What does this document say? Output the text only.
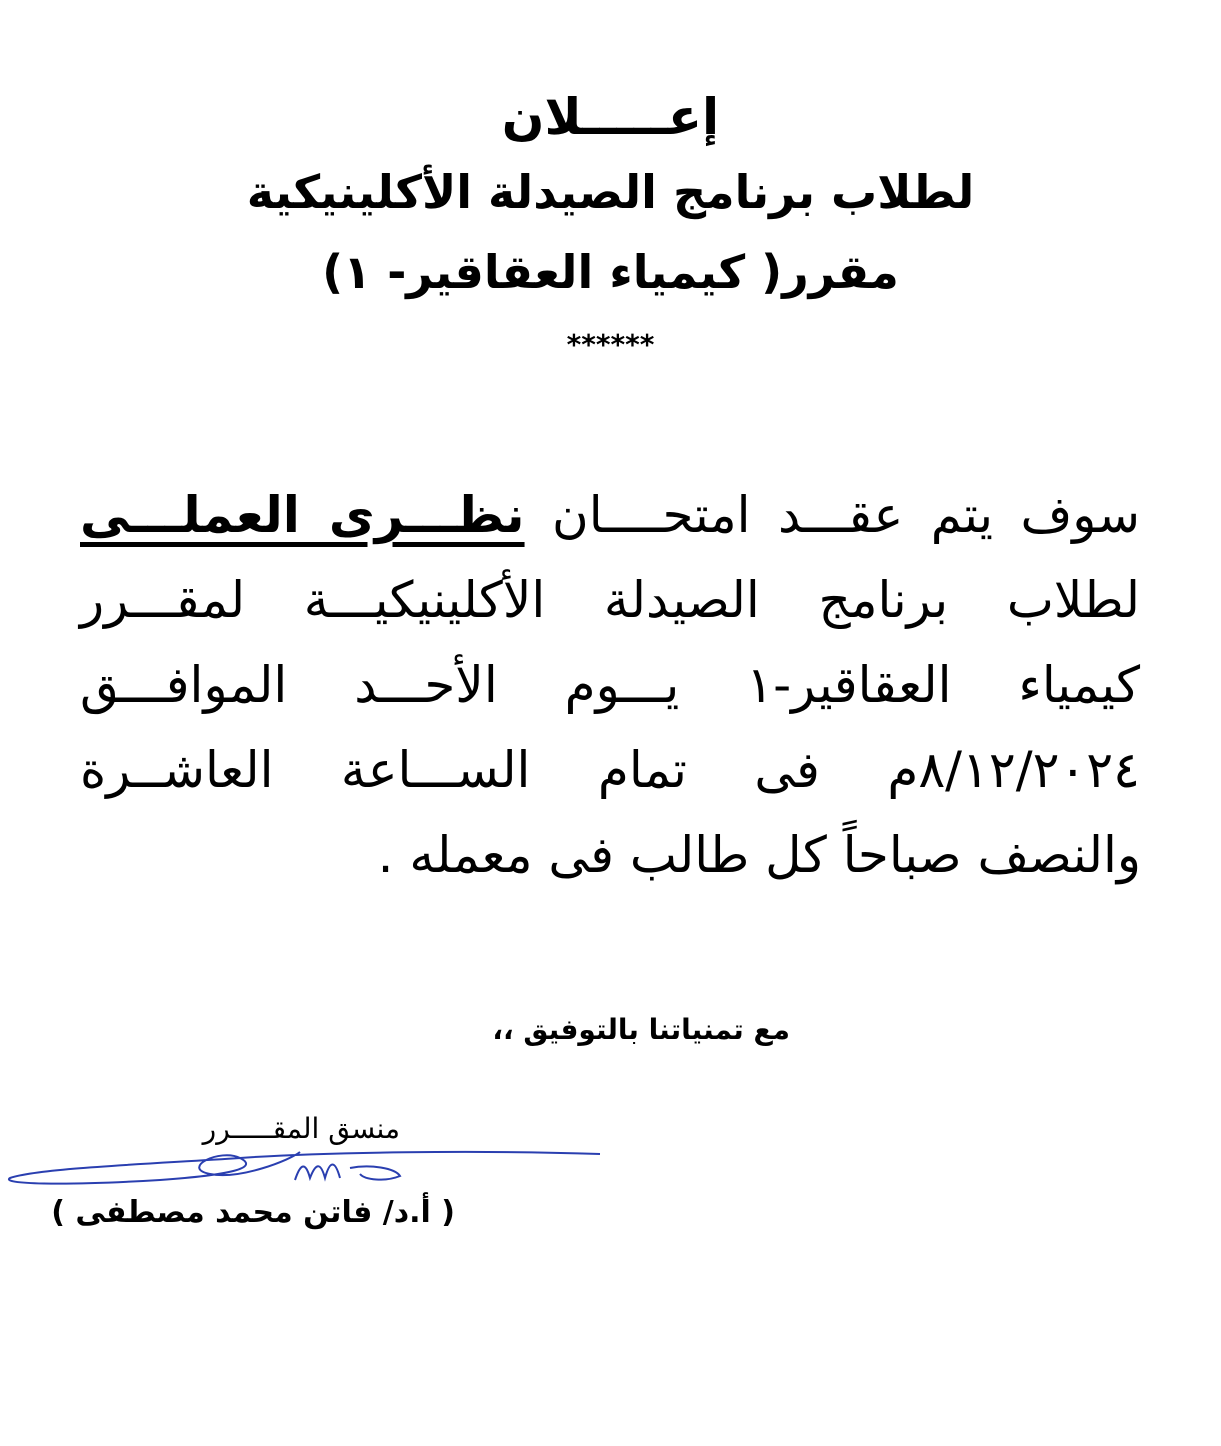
إعـــــلان
لطلاب برنامج الصيدلة الأكلينيكية
مقرر( كيمياء العقاقير- ١)
******
سوف يتم عقـــد امتحــــان نظـــرى العملـــى
لطلاب برنامج الصيدلة الأكلينيكيـــة لمقـــرر
كيمياء العقاقير-١ يـــوم الأحـــد الموافـــق
٨/١٢/٢٠٢٤م فى تمام الســـاعة العاشــرة
والنصف صباحاً كل طالب فى معمله .
مع تمنياتنا بالتوفيق ،،
منسق المقـــــرر
( أ.د/ فاتن محمد مصطفى )
